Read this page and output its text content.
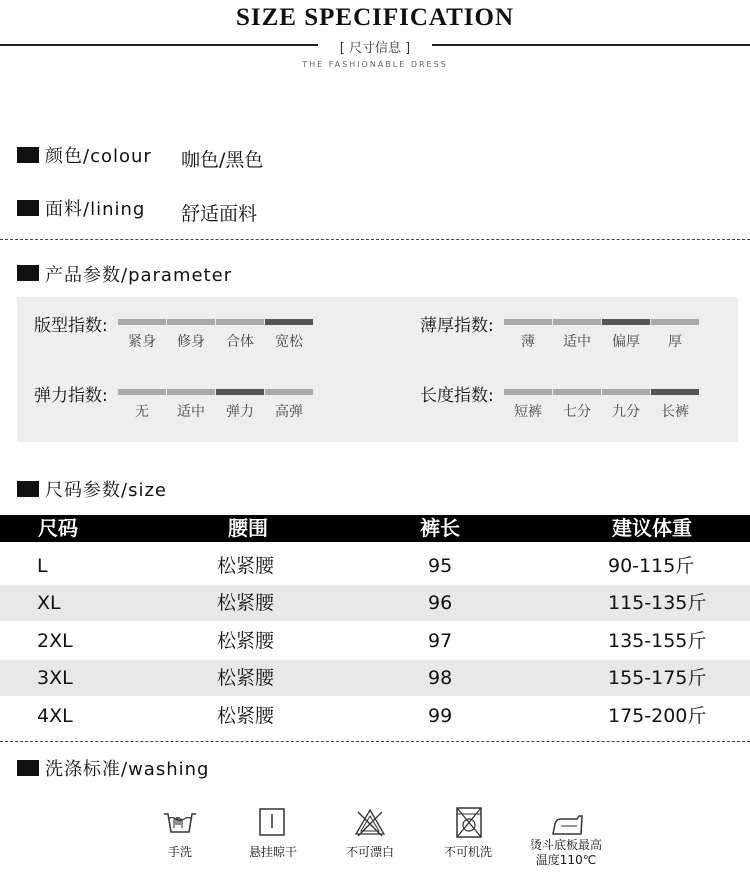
SIZE SPECIFICATION
[ 尺寸信息 ]
THE FASHIONABLE DRESS
颜色/colour 咖色/黑色
面料/lining 舒适面料
产品参数/parameter
版型指数:
紧身	修身	合体	宽松
薄厚指数:
薄	适中	偏厚	厚
弹力指数:
无	适中	弹力	高弹
长度指数:
短裤	七分	九分	长裤
尺码参数/size
尺码	腰围	裤长	建议体重
L	松紧腰	95	90-115斤
XL	松紧腰	96	115-135斤
2XL	松紧腰	97	135-155斤
3XL	松紧腰	98	155-175斤
4XL	松紧腰	99	175-200斤
洗涤标准/washing
手洗	悬挂晾干	不可漂白	不可机洗	烫斗底板最高
温度110℃
